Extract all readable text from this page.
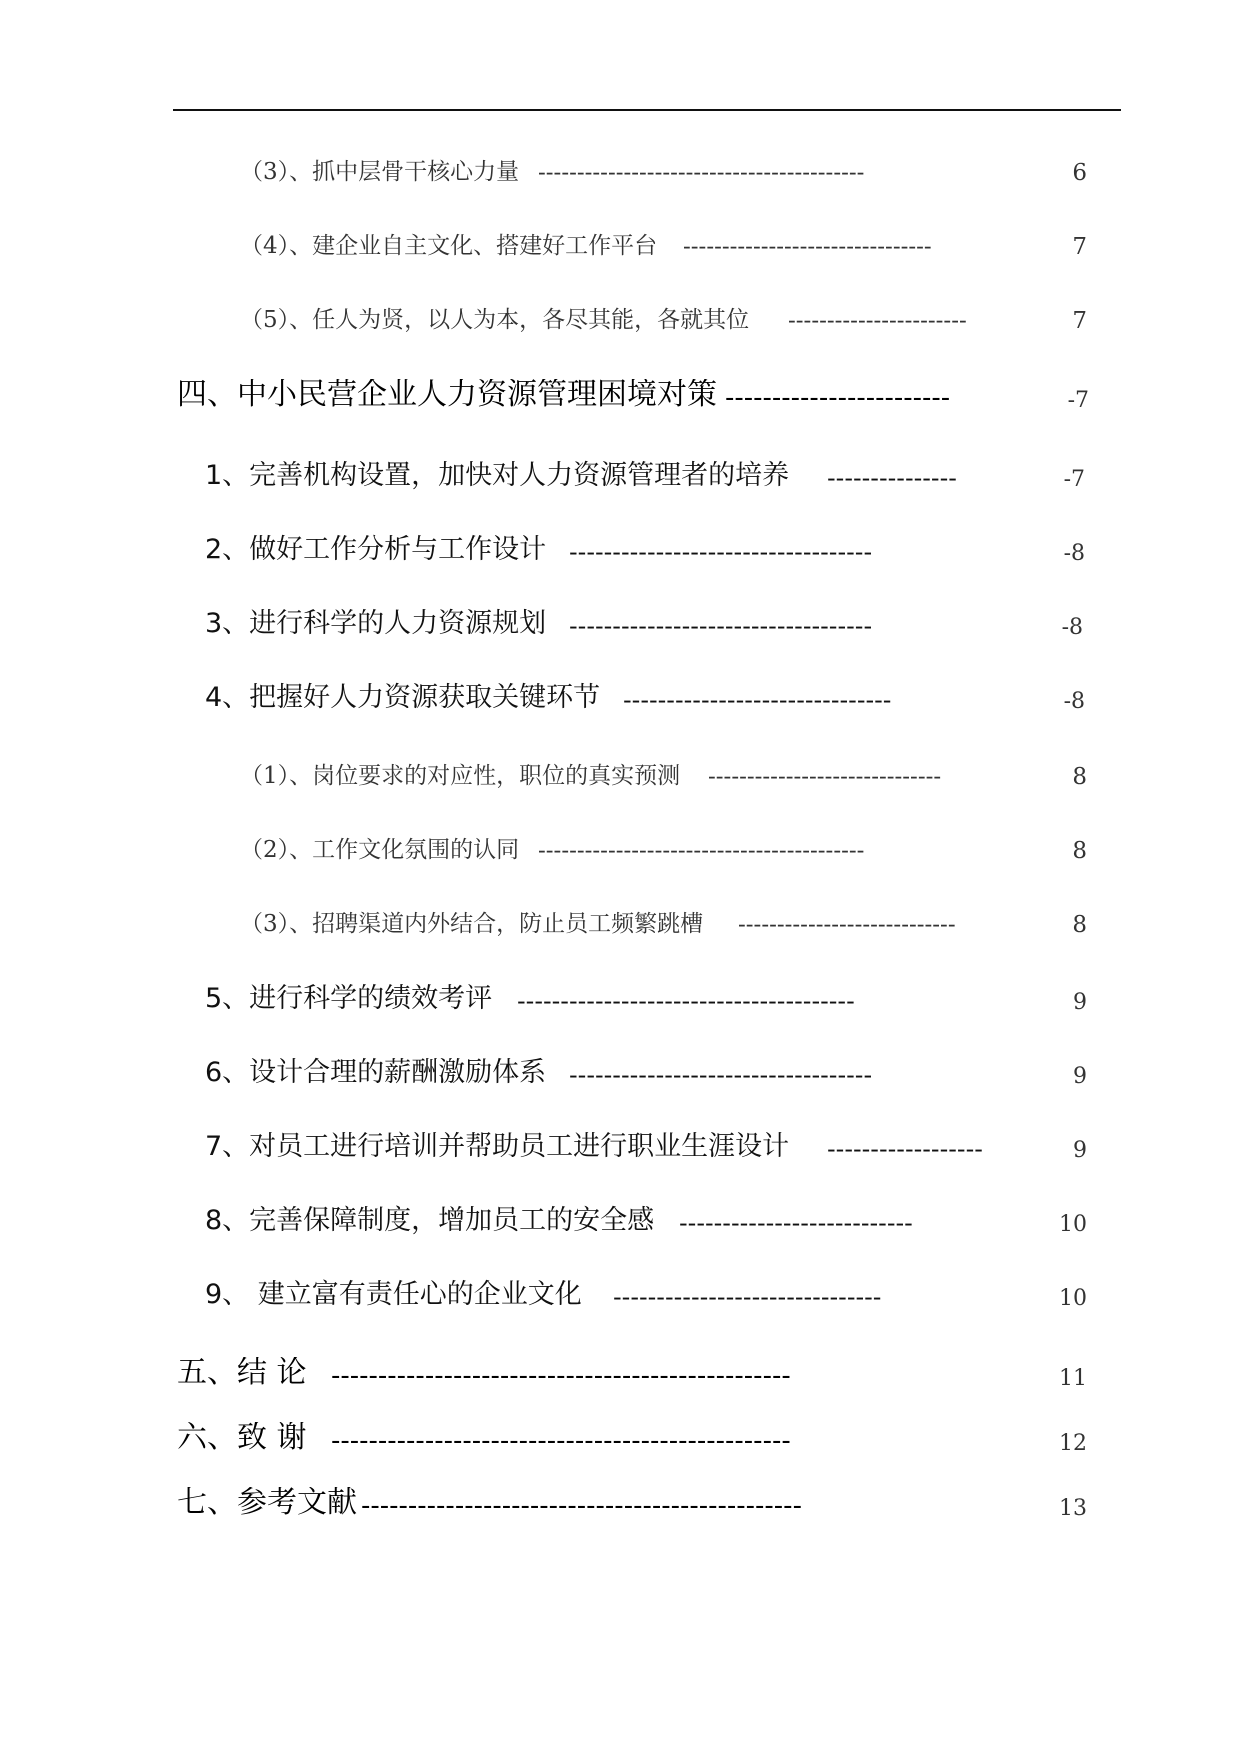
（3）、抓中层骨干核心力量 ------------------------------------------	6
（4）、建企业自主文化、搭建好工作平台 --------------------------------	7
（5）、任人为贤，以人为本，各尽其能，各就其位 -----------------------	7
四、中小民营企业人力资源管理困境对策 ------------------------	-7
1、完善机构设置，加快对人力资源管理者的培养 ---------------	-7
2、做好工作分析与工作设计 -----------------------------------	-8
3、进行科学的人力资源规划 -----------------------------------	-8
4、把握好人力资源获取关键环节 -------------------------------	-8
（1）、岗位要求的对应性，职位的真实预测 ------------------------------	8
（2）、工作文化氛围的认同 ------------------------------------------	8
（3）、招聘渠道内外结合，防止员工频繁跳槽 ----------------------------	8
5、进行科学的绩效考评 ---------------------------------------	9
6、设计合理的薪酬激励体系 -----------------------------------	9
7、对员工进行培训并帮助员工进行职业生涯设计 ------------------	9
8、完善保障制度，增加员工的安全感 ---------------------------	10
9、 建立富有责任心的企业文化 -------------------------------	10
五、结 论 -------------------------------------------------	11
六、致 谢 -------------------------------------------------	12
七、参考文献 -----------------------------------------------	13
